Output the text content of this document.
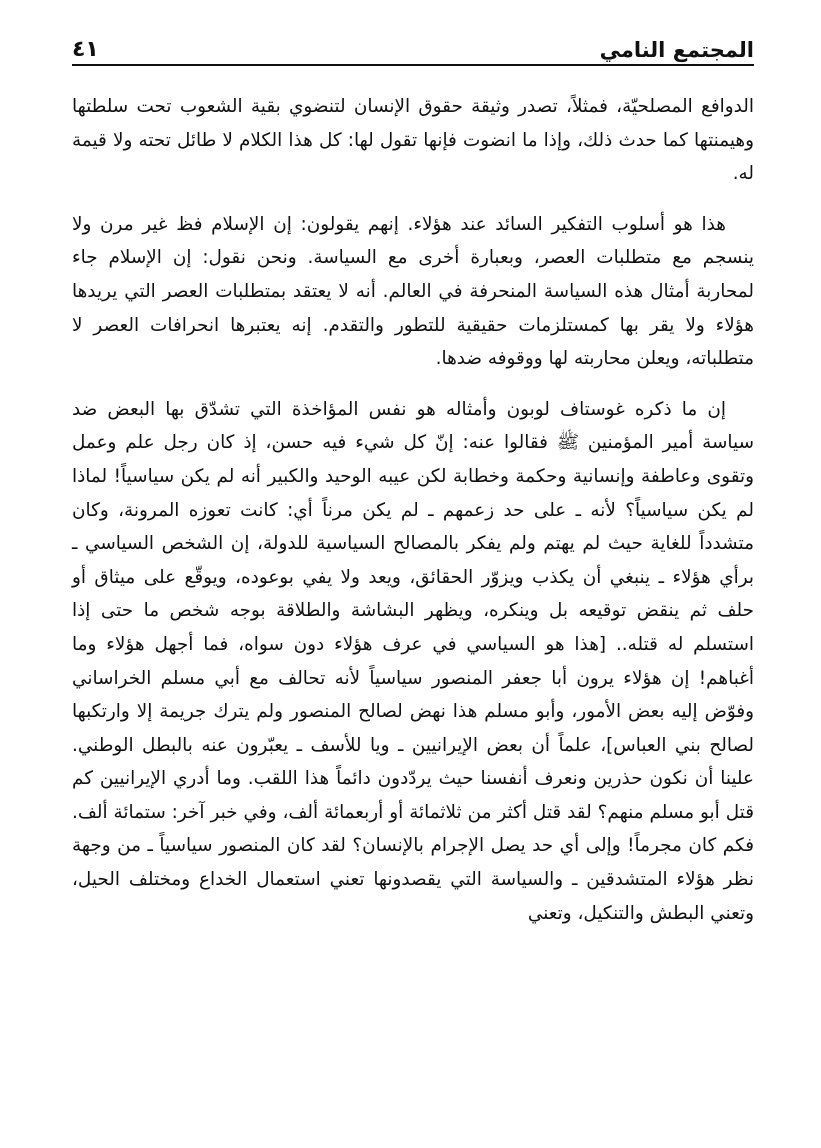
المجتمع النامي
٤١

الدوافع المصلحيّة، فمثلاً، تصدر وثيقة حقوق الإنسان لتنضوي بقية الشعوب تحت سلطتها وهيمنتها كما حدث ذلك، وإذا ما انضوت فإنها تقول لها: كل هذا الكلام لا طائل تحته ولا قيمة له.

هذا هو أسلوب التفكير السائد عند هؤلاء. إنهم يقولون: إن الإسلام فظ غير مرن ولا ينسجم مع متطلبات العصر، وبعبارة أخرى مع السياسة. ونحن نقول: إن الإسلام جاء لمحاربة أمثال هذه السياسة المنحرفة في العالم. أنه لا يعتقد بمتطلبات العصر التي يريدها هؤلاء ولا يقر بها كمستلزمات حقيقية للتطور والتقدم. إنه يعتبرها انحرافات العصر لا متطلباته، ويعلن محاربته لها ووقوفه ضدها.

إن ما ذكره غوستاف لوبون وأمثاله هو نفس المؤاخذة التي تشدّق بها البعض ضد سياسة أمير المؤمنين ﷺ فقالوا عنه: إنّ كل شيء فيه حسن، إذ كان رجل علم وعمل وتقوى وعاطفة وإنسانية وحكمة وخطابة لكن عيبه الوحيد والكبير أنه لم يكن سياسياً! لماذا لم يكن سياسياً؟ لأنه ـ على حد زعمهم ـ لم يكن مرناً أي: كانت تعوزه المرونة، وكان متشدداً للغاية حيث لم يهتم ولم يفكر بالمصالح السياسية للدولة، إن الشخص السياسي ـ برأي هؤلاء ـ ينبغي أن يكذب ويزوّر الحقائق، ويعد ولا يفي بوعوده، ويوقّع على ميثاق أو حلف ثم ينقض توقيعه بل وينكره، ويظهر البشاشة والطلاقة بوجه شخص ما حتى إذا استسلم له قتله.. [هذا هو السياسي في عرف هؤلاء دون سواه، فما أجهل هؤلاء وما أغباهم! إن هؤلاء يرون أبا جعفر المنصور سياسياً لأنه تحالف مع أبي مسلم الخراساني وفوّض إليه بعض الأمور، وأبو مسلم هذا نهض لصالح المنصور ولم يترك جريمة إلا وارتكبها لصالح بني العباس]، علماً أن بعض الإيرانيين ـ ويا للأسف ـ يعبّرون عنه بالبطل الوطني. علينا أن نكون حذرين ونعرف أنفسنا حيث يردّدون دائماً هذا اللقب. وما أدري الإيرانيين كم قتل أبو مسلم منهم؟ لقد قتل أكثر من ثلاثمائة أو أربعمائة ألف، وفي خبر آخر: ستمائة ألف. فكم كان مجرماً! وإلى أي حد يصل الإجرام بالإنسان؟ لقد كان المنصور سياسياً ـ من وجهة نظر هؤلاء المتشدقين ـ والسياسة التي يقصدونها تعني استعمال الخداع ومختلف الحيل، وتعني البطش والتنكيل، وتعني
